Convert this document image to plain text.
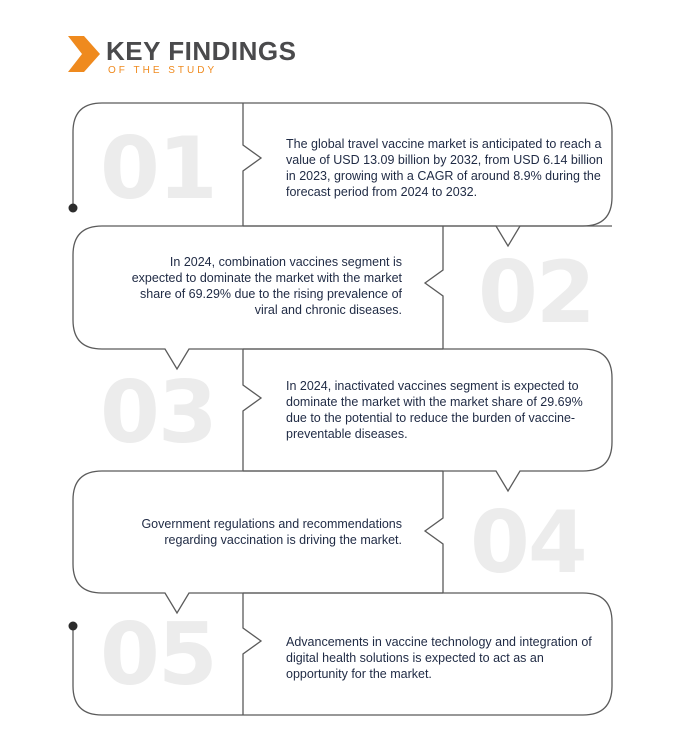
KEY FINDINGS
OF THE STUDY
01	The global travel vaccine market is anticipated to reach a value of USD 13.09 billion by 2032, from USD 6.14 billion in 2023, growing with a CAGR of around 8.9% during the forecast period from 2024 to 2032.
02
In 2024, combination vaccines segment is expected to dominate the market with the market share of 69.29% due to the rising prevalence of viral and chronic diseases.
03	In 2024, inactivated vaccines segment is expected to dominate the market with the market share of 29.69% due to the potential to reduce the burden of vaccine-preventable diseases.
04
Government regulations and recommendations regarding vaccination is driving the market.
05	Advancements in vaccine technology and integration of digital health solutions is expected to act as an opportunity for the market.
